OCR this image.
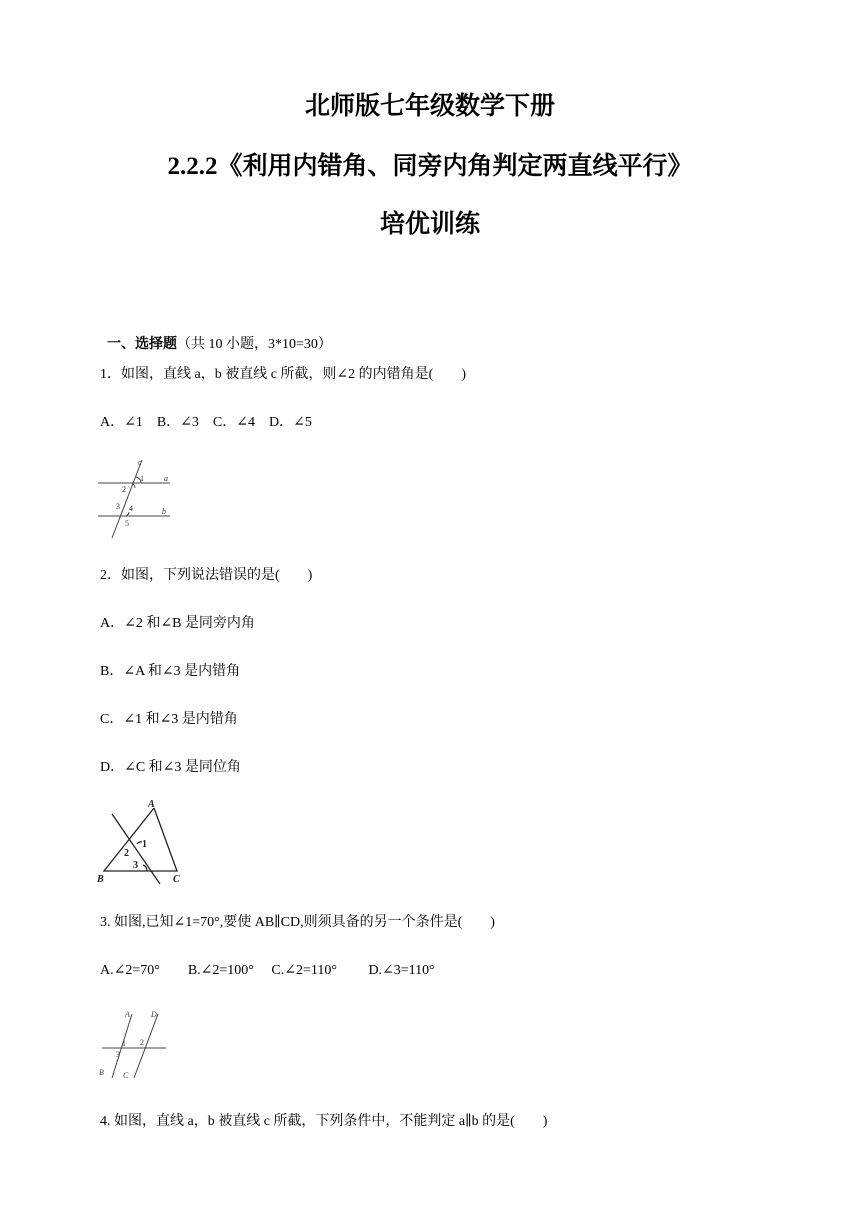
北师版七年级数学下册
2.2.2《利用内错角、同旁内角判定两直线平行》
培优训练

一、选择题（共 10 小题，3*10=30）

1．如图，直线 a，b 被直线 c 所截，则∠2 的内错角是(　　)
A．∠1　B．∠3　C．∠4　D．∠5
c
a
b
1
2
3 4
5
2．如图，下列说法错误的是(　　)
A．∠2 和∠B 是同旁内角
B．∠A 和∠3 是内错角
C．∠1 和∠3 是内错角
D．∠C 和∠3 是同位角
A
B	C
1
2
3
3. 如图,已知∠1=70°,要使 AB∥CD,则须具备的另一个条件是(　　)
A.∠2=70°　　B.∠2=100°　 C.∠2=110°　　 D.∠3=110°
A	D
B C
1 2
3
4. 如图，直线 a，b 被直线 c 所截，下列条件中，不能判定 a∥b 的是(　　)
